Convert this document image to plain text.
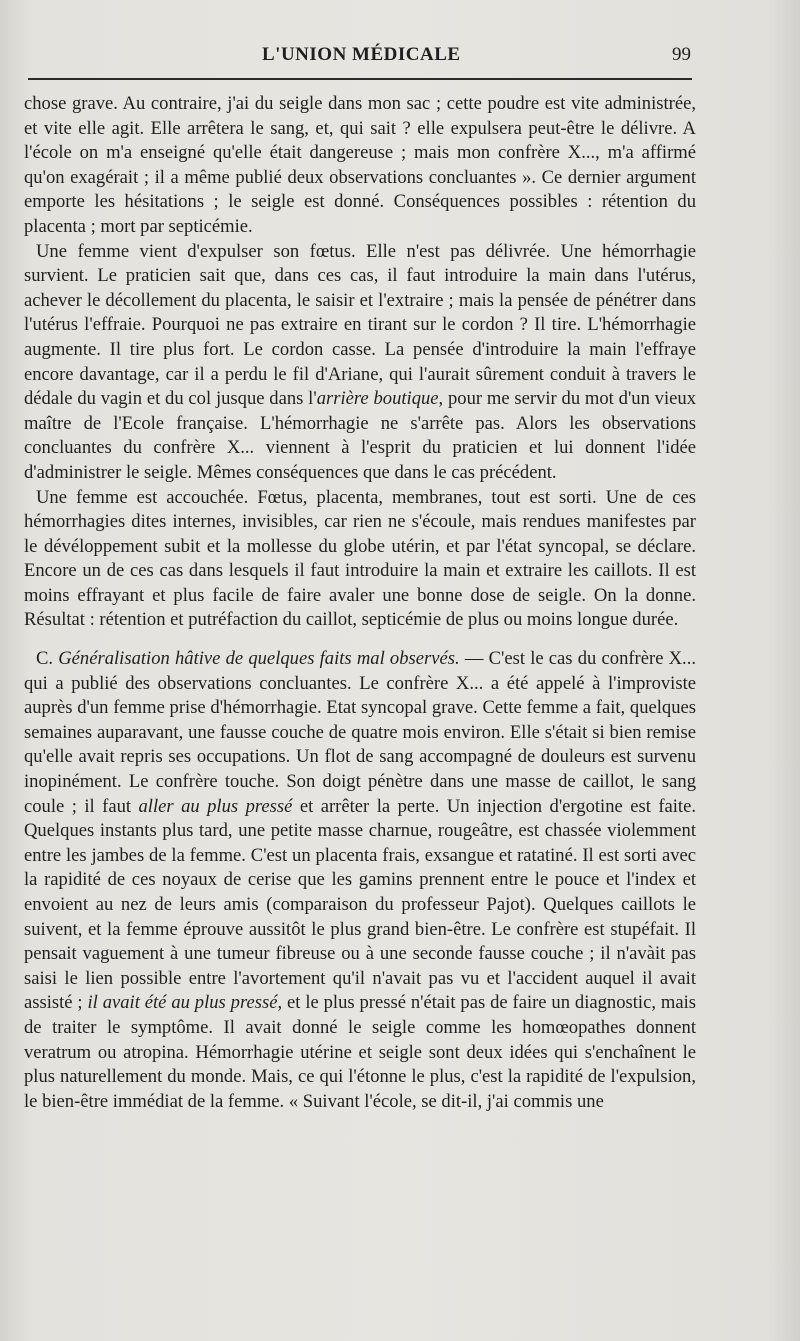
L'UNION MÉDICALE	99

chose grave. Au contraire, j'ai du seigle dans mon sac ; cette poudre est vite administrée, et vite elle agit. Elle arrêtera le sang, et, qui sait ? elle expulsera peut-être le délivre. A l'école on m'a enseigné qu'elle était dangereuse ; mais mon confrère X..., m'a affirmé qu'on exagérait ; il a même publié deux observations concluantes ». Ce dernier argument emporte les hésitations ; le seigle est donné. Conséquences possibles : rétention du placenta ; mort par septicémie.

Une femme vient d'expulser son fœtus. Elle n'est pas délivrée. Une hémorrhagie survient. Le praticien sait que, dans ces cas, il faut introduire la main dans l'utérus, achever le décollement du placenta, le saisir et l'extraire ; mais la pensée de pénétrer dans l'utérus l'effraie. Pourquoi ne pas extraire en tirant sur le cordon ? Il tire. L'hémorrhagie augmente. Il tire plus fort. Le cordon casse. La pensée d'introduire la main l'effraye encore davantage, car il a perdu le fil d'Ariane, qui l'aurait sûrement conduit à travers le dédale du vagin et du col jusque dans l'arrière boutique, pour me servir du mot d'un vieux maître de l'Ecole française. L'hémorrhagie ne s'arrête pas. Alors les observations concluantes du confrère X... viennent à l'esprit du praticien et lui donnent l'idée d'administrer le seigle. Mêmes conséquences que dans le cas précédent.

Une femme est accouchée. Fœtus, placenta, membranes, tout est sorti. Une de ces hémorrhagies dites internes, invisibles, car rien ne s'écoule, mais rendues manifestes par le dévéloppement subit et la mollesse du globe utérin, et par l'état syncopal, se déclare. Encore un de ces cas dans lesquels il faut introduire la main et extraire les caillots. Il est moins effrayant et plus facile de faire avaler une bonne dose de seigle. On la donne. Résultat : rétention et putréfaction du caillot, septicémie de plus ou moins longue durée.

C. Généralisation hâtive de quelques faits mal observés. — C'est le cas du confrère X... qui a publié des observations concluantes. Le confrère X... a été appelé à l'improviste auprès d'un femme prise d'hémorrhagie. Etat syncopal grave. Cette femme a fait, quelques semaines auparavant, une fausse couche de quatre mois environ. Elle s'était si bien remise qu'elle avait repris ses occupations. Un flot de sang accompagné de douleurs est survenu inopinément. Le confrère touche. Son doigt pénètre dans une masse de caillot, le sang coule ; il faut aller au plus pressé et arrêter la perte. Un injection d'ergotine est faite. Quelques instants plus tard, une petite masse charnue, rougeâtre, est chassée violemment entre les jambes de la femme. C'est un placenta frais, exsangue et ratatiné. Il est sorti avec la rapidité de ces noyaux de cerise que les gamins prennent entre le pouce et l'index et envoient au nez de leurs amis (comparaison du professeur Pajot). Quelques caillots le suivent, et la femme éprouve aussitôt le plus grand bien-être. Le confrère est stupéfait. Il pensait vaguement à une tumeur fibreuse ou à une seconde fausse couche ; il n'avàit pas saisi le lien possible entre l'avortement qu'il n'avait pas vu et l'accident auquel il avait assisté ; il avait été au plus pressé, et le plus pressé n'était pas de faire un diagnostic, mais de traiter le symptôme. Il avait donné le seigle comme les homœopathes donnent veratrum ou atropina. Hémorrhagie utérine et seigle sont deux idées qui s'enchaînent le plus naturellement du monde. Mais, ce qui l'étonne le plus, c'est la rapidité de l'expulsion, le bien-être immédiat de la femme. « Suivant l'école, se dit-il, j'ai commis une
